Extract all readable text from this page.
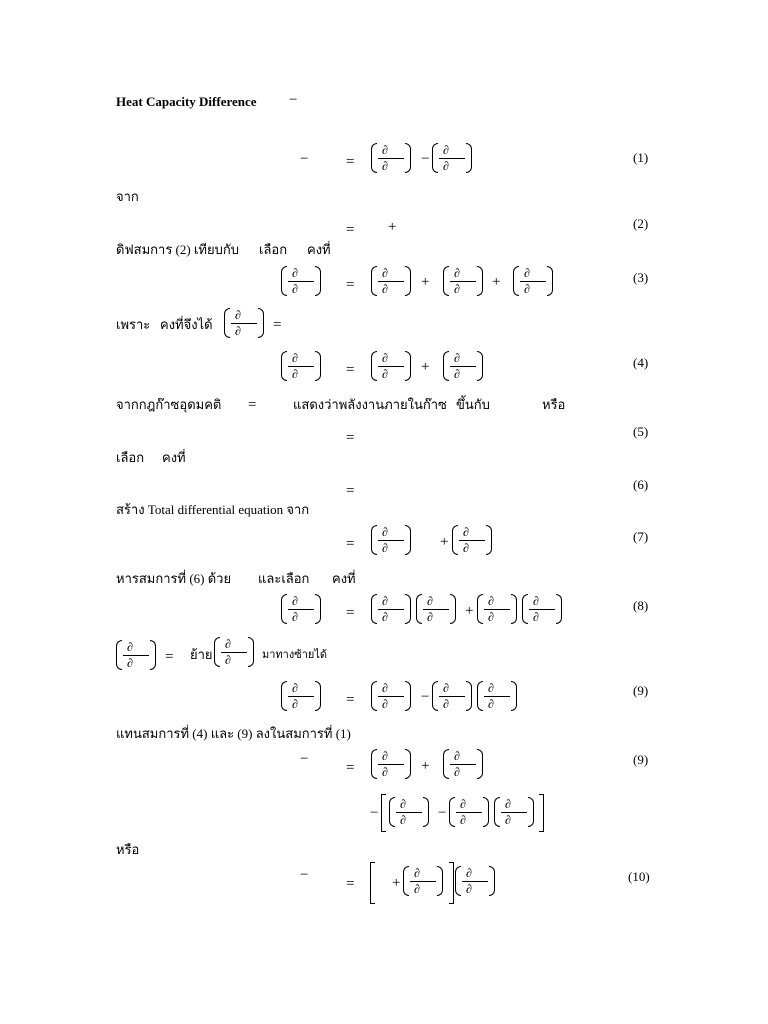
Heat Capacity Difference −
−	=
∂
∂ −
∂
∂
(1)
จาก
= +	(2)
ดิฟสมการ (2) เทียบกับ เลือก คงที่
∂
∂	=
∂
∂ +
∂
∂ +
∂
∂
(3)
เพราะ คงที่จึงได้
∂
∂ =
∂
∂	=
∂
∂ +
∂
∂
(4)
จากกฎก๊าซอุดมคติ =	แสดงว่าพลังงานภายในก๊าซ ขึ้นกับ	หรือ
=	(5)
เลือก คงที่
=	(6)
สร้าง Total differential equation จาก
=
∂
∂	+
∂
∂
(7)
หารสมการที่ (6) ด้วย และเลือก คงที่
∂
∂	=
∂
∂
∂
∂ +
∂
∂
∂
∂
(8)
∂
∂ = ย้าย
∂
∂	มาทางซ้ายได้
∂
∂	=
∂
∂ −
∂
∂
∂
∂
(9)
แทนสมการที่ (4) และ (9) ลงในสมการที่ (1)
−
=
∂
∂ +
∂
∂
(9)
−
∂
∂ −
∂
∂
∂
∂
หรือ
−
=	+
∂
∂
∂
∂
(10)
